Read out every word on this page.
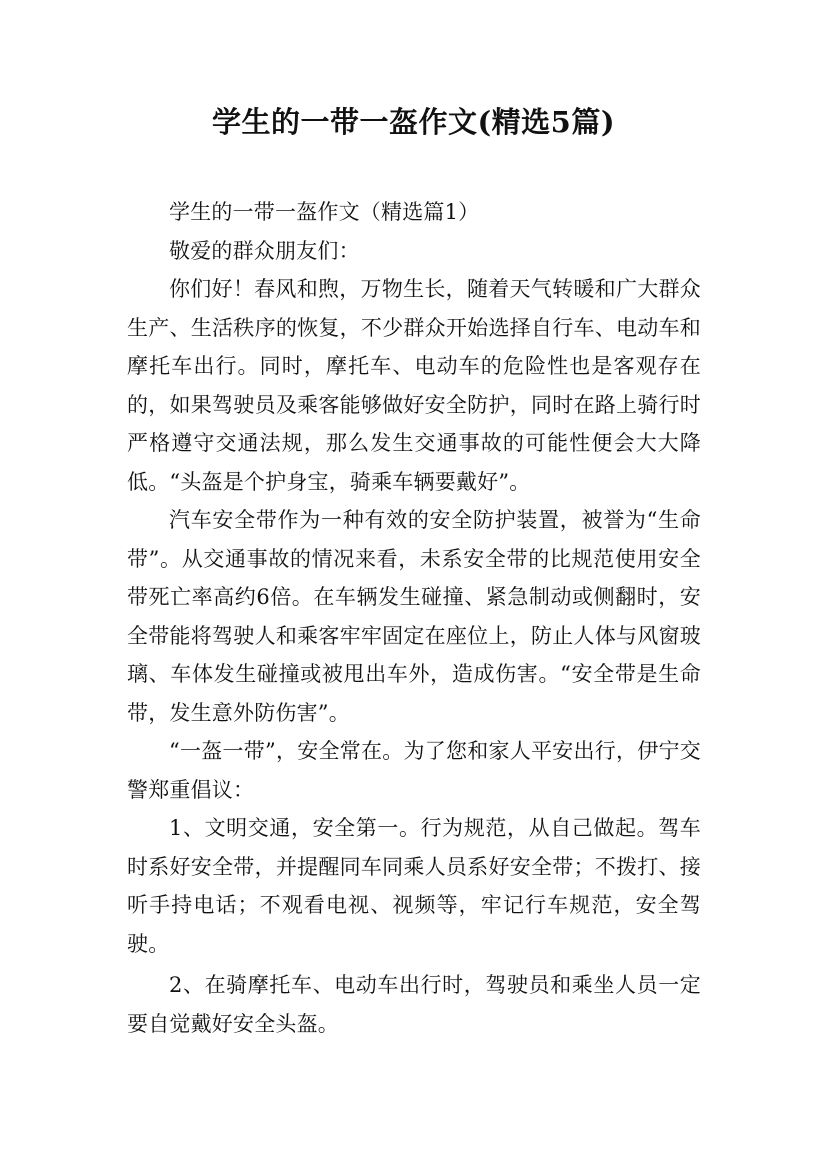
学生的一带一盔作文(精选5篇)

学生的一带一盔作文（精选篇1）

敬爱的群众朋友们：

你们好！春风和煦，万物生长，随着天气转暖和广大群众生产、生活秩序的恢复，不少群众开始选择自行车、电动车和摩托车出行。同时，摩托车、电动车的危险性也是客观存在的，如果驾驶员及乘客能够做好安全防护，同时在路上骑行时严格遵守交通法规，那么发生交通事故的可能性便会大大降低。“头盔是个护身宝，骑乘车辆要戴好”。

汽车安全带作为一种有效的安全防护装置，被誉为“生命带”。从交通事故的情况来看，未系安全带的比规范使用安全带死亡率高约6倍。在车辆发生碰撞、紧急制动或侧翻时，安全带能将驾驶人和乘客牢牢固定在座位上，防止人体与风窗玻璃、车体发生碰撞或被甩出车外，造成伤害。“安全带是生命带，发生意外防伤害”。

“一盔一带”，安全常在。为了您和家人平安出行，伊宁交警郑重倡议：

1、文明交通，安全第一。行为规范，从自己做起。驾车时系好安全带，并提醒同车同乘人员系好安全带；不拨打、接听手持电话；不观看电视、视频等，牢记行车规范，安全驾驶。

2、在骑摩托车、电动车出行时，驾驶员和乘坐人员一定要自觉戴好安全头盔。
